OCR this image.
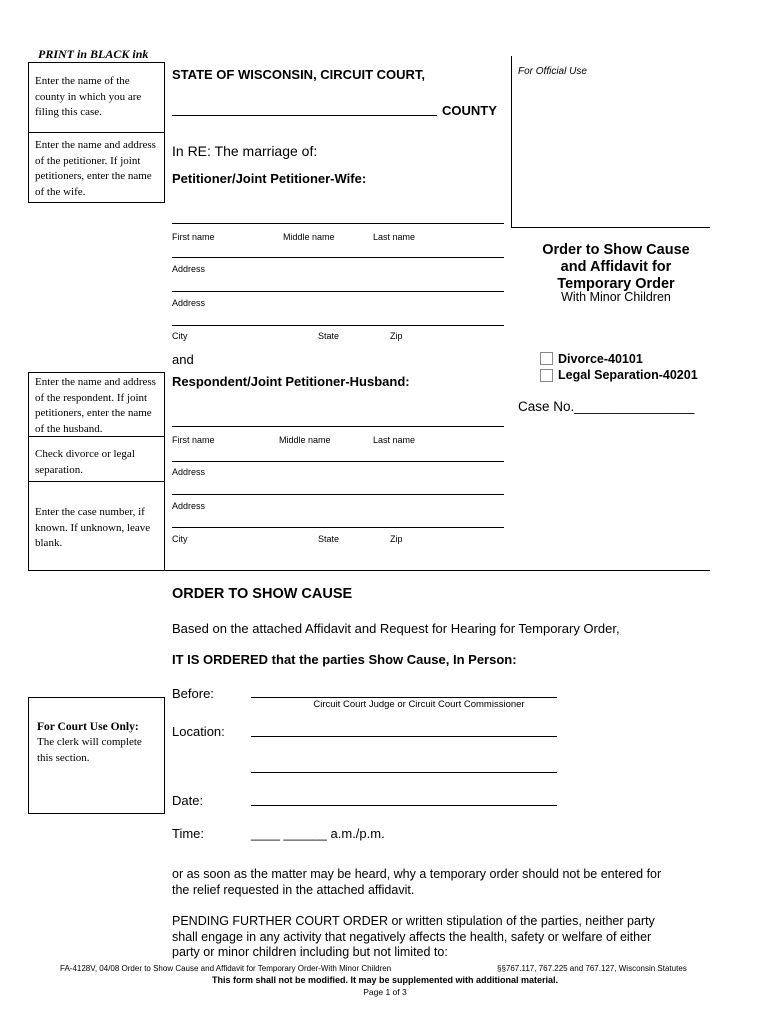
PRINT in BLACK ink
Enter the name of the county in which you are filing this case.
Enter the name and address of the petitioner. If joint petitioners, enter the name of the wife.
Enter the name and address of the respondent. If joint petitioners, enter the name of the husband.
Check divorce or legal separation.
Enter the case number, if known. If unknown, leave blank.
For Court Use Only:
The clerk will complete this section.
For Official Use
STATE OF WISCONSIN, CIRCUIT COURT,
COUNTY
In RE: The marriage of:
Petitioner/Joint Petitioner-Wife:
First name	Middle name	Last name
Address
Address
City	State	Zip
and
Respondent/Joint Petitioner-Husband:
First name	Middle name	Last name
Address
Address
City	State	Zip
Order to Show Cause
and Affidavit for
Temporary Order
With Minor Children
Divorce-40101
Legal Separation-40201
Case No.________________
ORDER TO SHOW CAUSE
Based on the attached Affidavit and Request for Hearing for Temporary Order,
IT IS ORDERED that the parties Show Cause, In Person:
Before:
Circuit Court Judge or Circuit Court Commissioner
Location:
Date:
Time:	____ ______ a.m./p.m.
or as soon as the matter may be heard, why a temporary order should not be entered for the relief requested in the attached affidavit.
PENDING FURTHER COURT ORDER or written stipulation of the parties, neither party shall engage in any activity that negatively affects the health, safety or welfare of either party or minor children including but not limited to:
FA-4128V, 04/08 Order to Show Cause and Affidavit for Temporary Order-With Minor Children	§§767.117, 767.225 and 767.127, Wisconsin Statutes
This form shall not be modified. It may be supplemented with additional material.
Page 1 of 3
